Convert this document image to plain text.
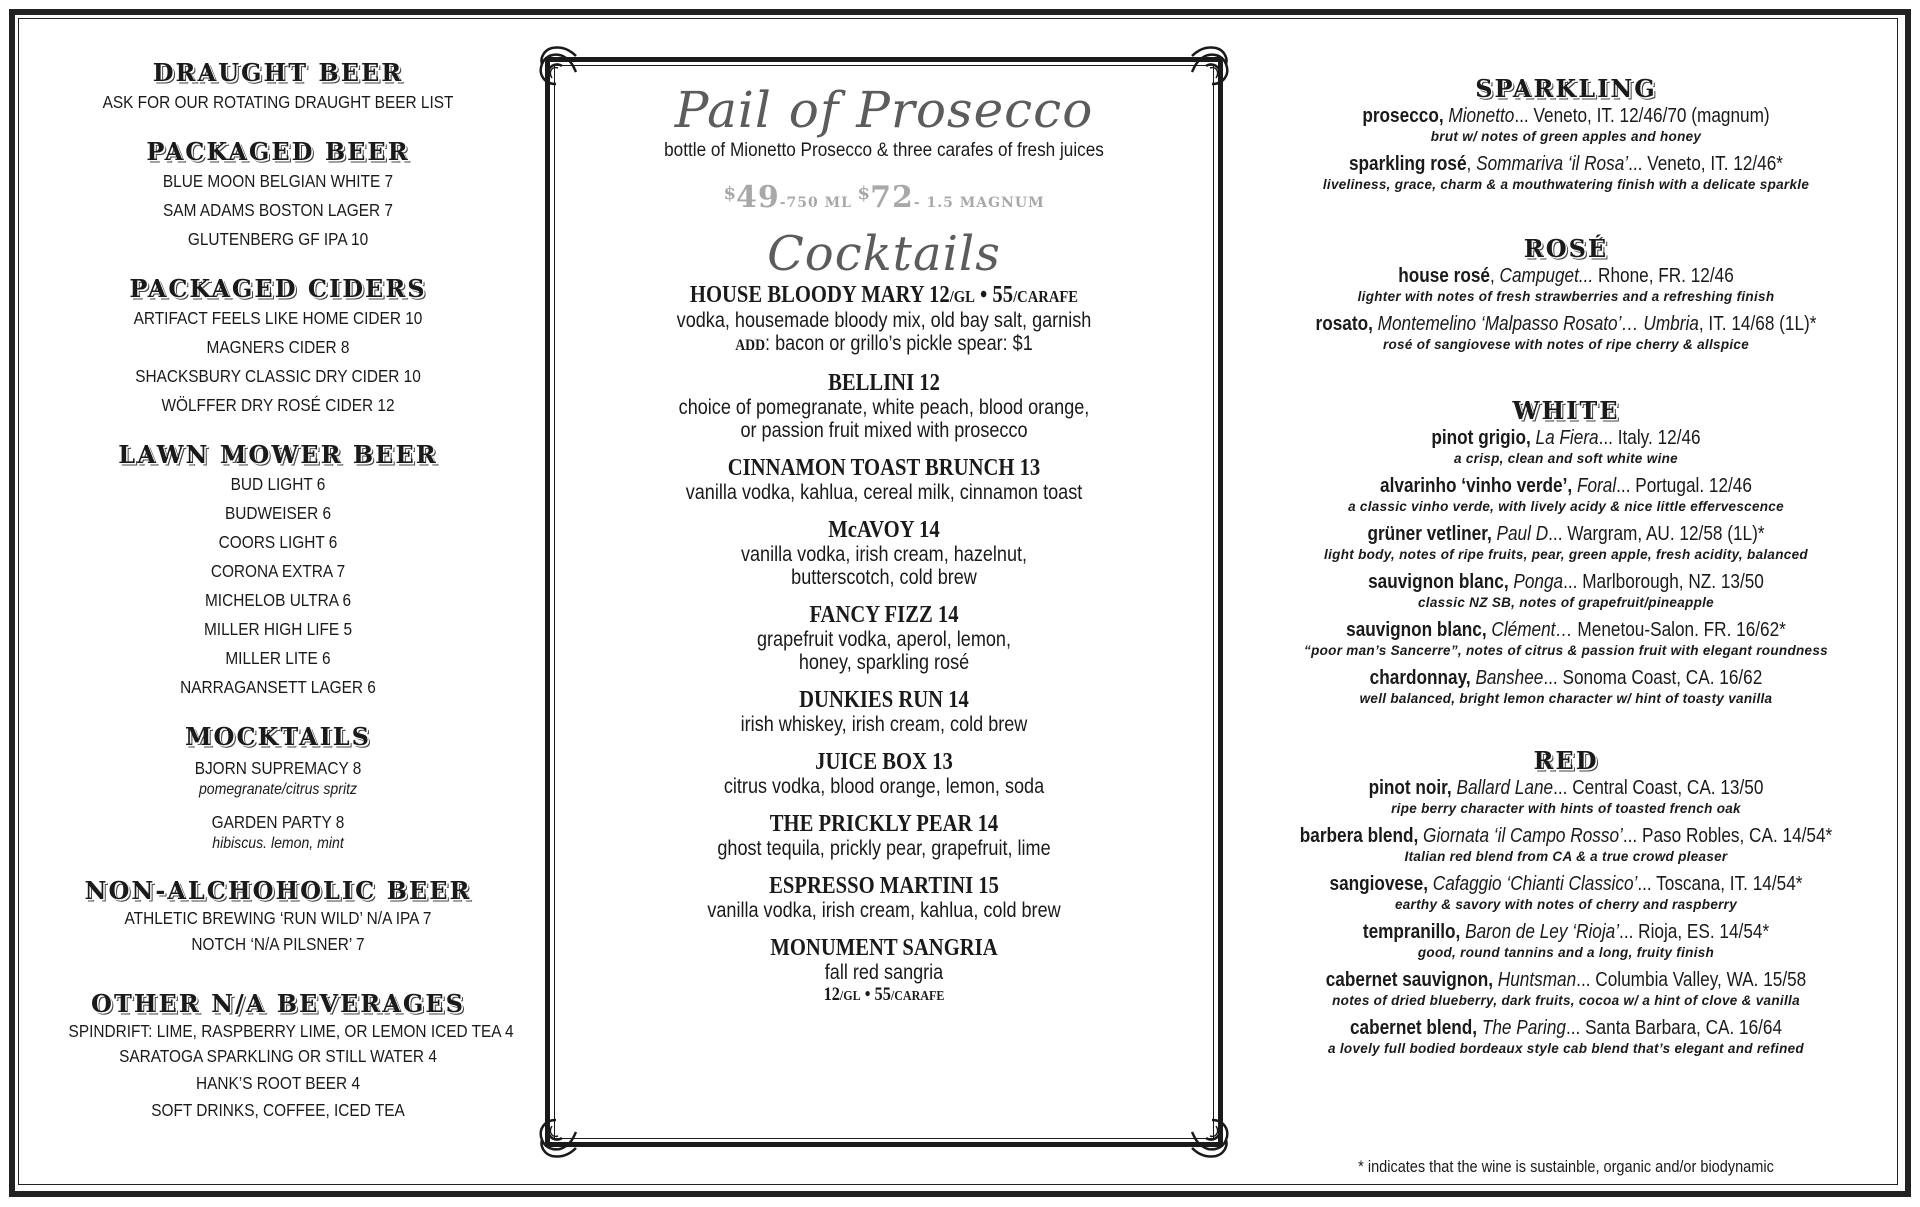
DRAUGHT BEER
ASK FOR OUR ROTATING DRAUGHT BEER LIST
PACKAGED BEER
BLUE MOON BELGIAN WHITE 7
SAM ADAMS BOSTON LAGER 7
GLUTENBERG GF IPA 10
PACKAGED CIDERS
ARTIFACT FEELS LIKE HOME CIDER 10
MAGNERS CIDER 8
SHACKSBURY CLASSIC DRY CIDER 10
WÖLFFER DRY ROSÉ CIDER 12
LAWN MOWER BEER
BUD LIGHT 6
BUDWEISER 6
COORS LIGHT 6
CORONA EXTRA 7
MICHELOB ULTRA 6
MILLER HIGH LIFE 5
MILLER LITE 6
NARRAGANSETT LAGER 6
MOCKTAILS
BJORN SUPREMACY 8
pomegranate/citrus spritz
GARDEN PARTY 8
hibiscus. lemon, mint
NON-ALCHOHOLIC BEER
ATHLETIC BREWING ‘RUN WILD’ N/A IPA 7
NOTCH ‘N/A PILSNER’ 7
OTHER N/A BEVERAGES
SPINDRIFT: LIME, RASPBERRY LIME, OR LEMON ICED TEA 4
SARATOGA SPARKLING OR STILL WATER 4
HANK’S ROOT BEER 4
SOFT DRINKS, COFFEE, ICED TEA
Pail of Prosecco
bottle of Mionetto Prosecco & three carafes of fresh juices
$49-750 ML $72- 1.5 MAGNUM
Cocktails
HOUSE BLOODY MARY 12/GL • 55/CARAFE
vodka, housemade bloody mix, old bay salt, garnish
ADD: bacon or grillo’s pickle spear: $1
BELLINI 12
choice of pomegranate, white peach, blood orange,
or passion fruit mixed with prosecco
CINNAMON TOAST BRUNCH 13
vanilla vodka, kahlua, cereal milk, cinnamon toast
McAVOY 14
vanilla vodka, irish cream, hazelnut,
butterscotch, cold brew
FANCY FIZZ 14
grapefruit vodka, aperol, lemon,
honey, sparkling rosé
DUNKIES RUN 14
irish whiskey, irish cream, cold brew
JUICE BOX 13
citrus vodka, blood orange, lemon, soda
THE PRICKLY PEAR 14
ghost tequila, prickly pear, grapefruit, lime
ESPRESSO MARTINI 15
vanilla vodka, irish cream, kahlua, cold brew
MONUMENT SANGRIA
fall red sangria
12/GL • 55/CARAFE
SPARKLING
prosecco, Mionetto... Veneto, IT. 12/46/70 (magnum)
brut w/ notes of green apples and honey
sparkling rosé, Sommariva ‘il Rosa’... Veneto, IT. 12/46*
liveliness, grace, charm & a mouthwatering finish with a delicate sparkle
ROSÉ
house rosé, Campuget... Rhone, FR. 12/46
lighter with notes of fresh strawberries and a refreshing finish
rosato, Montemelino ‘Malpasso Rosato’… Umbria, IT. 14/68 (1L)*
rosé of sangiovese with notes of ripe cherry & allspice
WHITE
pinot grigio, La Fiera... Italy. 12/46
a crisp, clean and soft white wine
alvarinho ‘vinho verde’, Foral... Portugal. 12/46
a classic vinho verde, with lively acidy & nice little effervescence
grüner vetliner, Paul D... Wargram, AU. 12/58 (1L)*
light body, notes of ripe fruits, pear, green apple, fresh acidity, balanced
sauvignon blanc, Ponga... Marlborough, NZ. 13/50
classic NZ SB, notes of grapefruit/pineapple
sauvignon blanc, Clément… Menetou-Salon. FR. 16/62*
“poor man’s Sancerre”, notes of citrus & passion fruit with elegant roundness
chardonnay, Banshee... Sonoma Coast, CA. 16/62
well balanced, bright lemon character w/ hint of toasty vanilla
RED
pinot noir, Ballard Lane... Central Coast, CA. 13/50
ripe berry character with hints of toasted french oak
barbera blend, Giornata ‘il Campo Rosso’... Paso Robles, CA. 14/54*
Italian red blend from CA & a true crowd pleaser
sangiovese, Cafaggio ‘Chianti Classico’... Toscana, IT. 14/54*
earthy & savory with notes of cherry and raspberry
tempranillo, Baron de Ley ‘Rioja’... Rioja, ES. 14/54*
good, round tannins and a long, fruity finish
cabernet sauvignon, Huntsman... Columbia Valley, WA. 15/58
notes of dried blueberry, dark fruits, cocoa w/ a hint of clove & vanilla
cabernet blend, The Paring... Santa Barbara, CA. 16/64
a lovely full bodied bordeaux style cab blend that’s elegant and refined
* indicates that the wine is sustainble, organic and/or biodynamic
